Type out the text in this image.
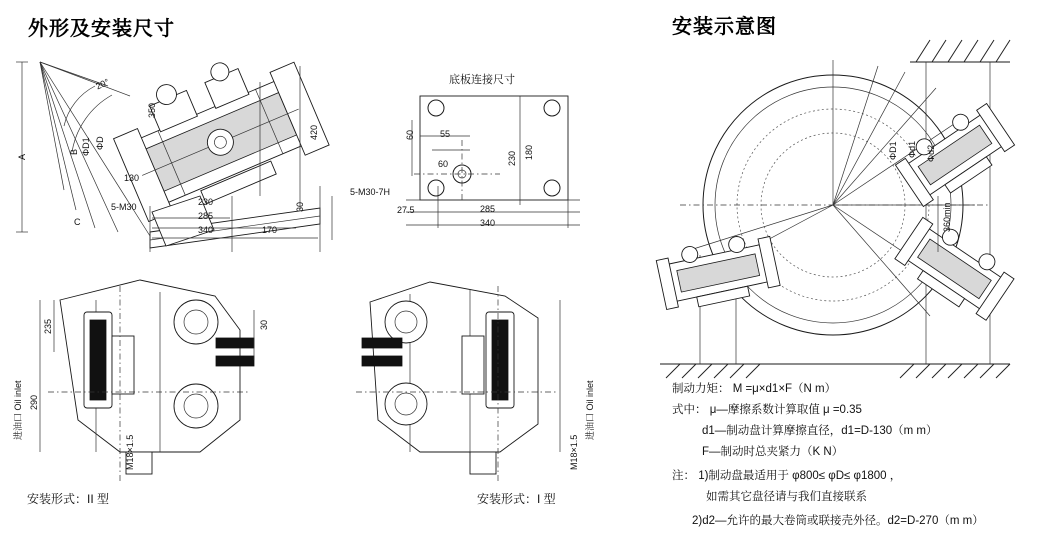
外形及安装尺寸	安装示意图
A
B
C
20°
ΦD
ΦD1
350
420
130
230
285
340	170
30
5-M30
底板连接尺寸
55
60
60
180
230
285
340
27.5
5-M30-7H
235
290
30
进油口 Oil inlet
M18×1.5
进油口 Oil inlet
M18×1.5
安装形式：II 型	安装形式：I 型
ΦD1 Φd1 Φd2
360min
制动力矩： M =μ×d1×F（N m）
式中： μ—摩擦系数计算取值 μ =0.35
d1—制动盘计算摩擦直径，d1=D-130（m m）
F—制动时总夹紧力（K N）
注： 1)制动盘最适用于 φ800≤ φD≤ φ1800 ，
如需其它盘径请与我们直接联系
2)d2—允许的最大卷筒或联接壳外径。d2=D-270（m m）
